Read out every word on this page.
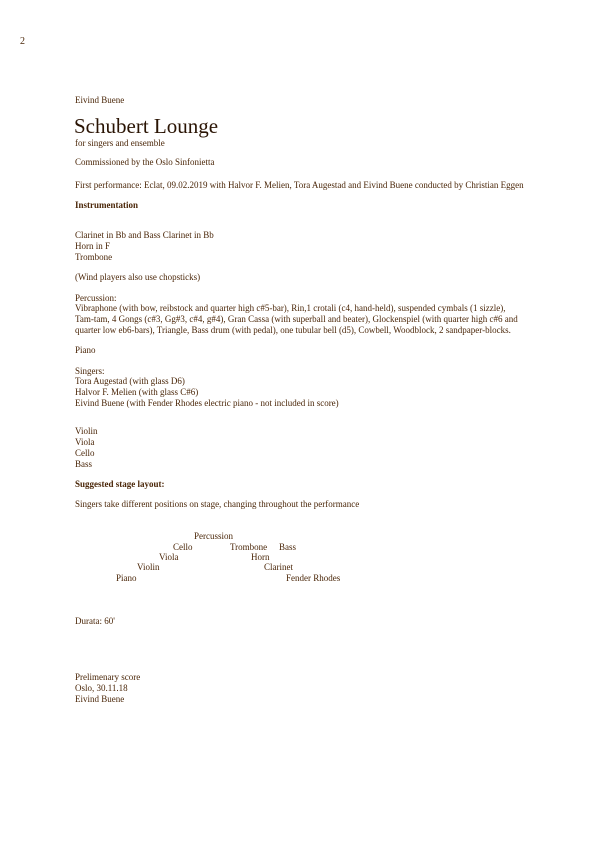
2
Eivind Buene
Schubert Lounge
for singers and ensemble
Commissioned by the Oslo Sinfonietta
First performance: Eclat, 09.02.2019 with Halvor F. Melien, Tora Augestad and Eivind Buene conducted by Christian Eggen
Instrumentation
Clarinet in Bb and Bass Clarinet in Bb
Horn in F
Trombone
(Wind players also use chopsticks)
Percussion:
Vibraphone (with bow, reibstock and quarter high c#5-bar), Rin,1 crotali (c4, hand-held), suspended cymbals (1 sizzle),
Tam-tam, 4 Gongs (c#3, Gg#3, c#4, g#4), Gran Cassa (with superball and beater), Glockenspiel (with quarter high c#6 and
quarter low eb6-bars), Triangle, Bass drum (with pedal), one tubular bell (d5), Cowbell, Woodblock, 2 sandpaper-blocks.
Piano
Singers:
Tora Augestad (with glass D6)
Halvor F. Melien (with glass C#6)
Eivind Buene (with Fender Rhodes electric piano - not included in score)
Violin
Viola
Cello
Bass
Suggested stage layout:
Singers take different positions on stage, changing throughout the performance
Percussion
Cello	Trombone Bass
Viola	Horn
Violin	Clarinet
Piano	Fender Rhodes
Durata: 60'
Prelimenary score
Oslo, 30.11.18
Eivind Buene
